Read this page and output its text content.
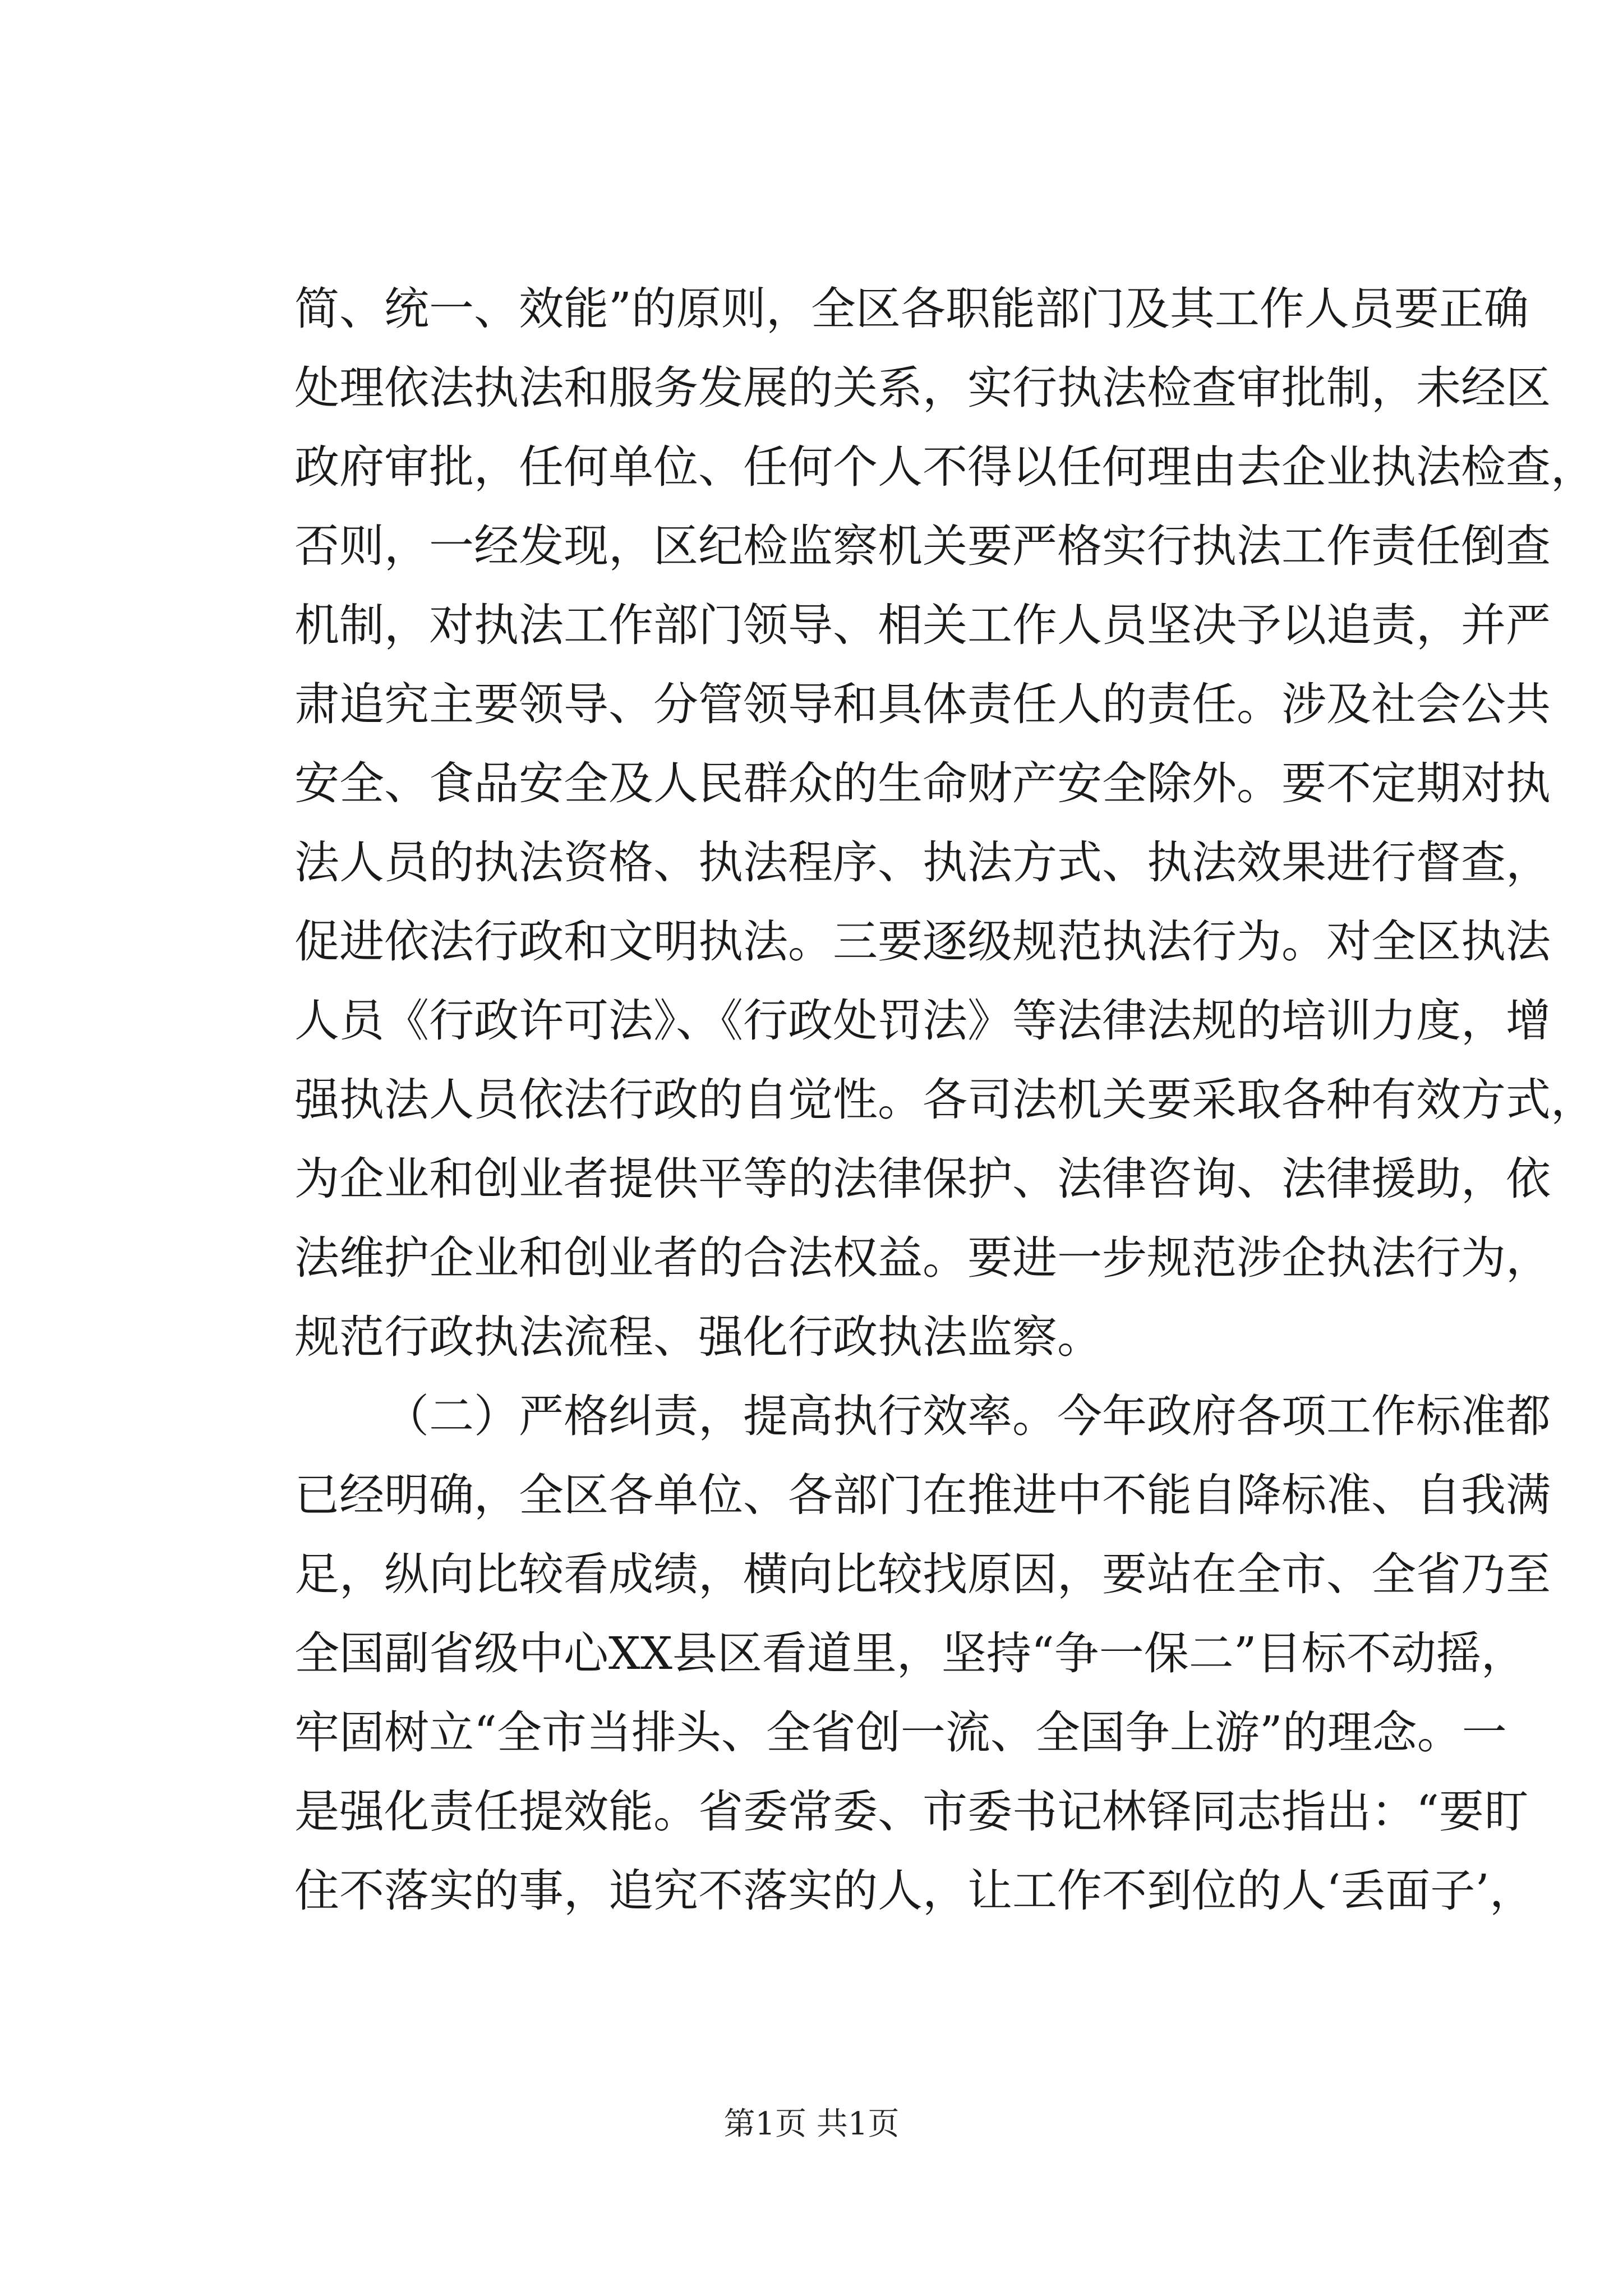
简、统一、效能”的原则，全区各职能部门及其工作人员要正确
处理依法执法和服务发展的关系，实行执法检查审批制，未经区
政府审批，任何单位、任何个人不得以任何理由去企业执法检查，
否则，一经发现，区纪检监察机关要严格实行执法工作责任倒查
机制，对执法工作部门领导、相关工作人员坚决予以追责，并严
肃追究主要领导、分管领导和具体责任人的责任。涉及社会公共
安全、食品安全及人民群众的生命财产安全除外。要不定期对执
法人员的执法资格、执法程序、执法方式、执法效果进行督查，
促进依法行政和文明执法。三要逐级规范执法行为。对全区执法
人员《行政许可法》、《行政处罚法》等法律法规的培训力度，增
强执法人员依法行政的自觉性。各司法机关要采取各种有效方式，
为企业和创业者提供平等的法律保护、法律咨询、法律援助，依
法维护企业和创业者的合法权益。要进一步规范涉企执法行为，
规范行政执法流程、强化行政执法监察。
（二）严格纠责，提高执行效率。今年政府各项工作标准都
已经明确，全区各单位、各部门在推进中不能自降标准、自我满
足，纵向比较看成绩，横向比较找原因，要站在全市、全省乃至
全国副省级中心XX县区看道里，坚持“争一保二”目标不动摇，
牢固树立“全市当排头、全省创一流、全国争上游”的理念。一
是强化责任提效能。省委常委、市委书记林铎同志指出：“要盯
住不落实的事，追究不落实的人，让工作不到位的人‘丢面子’，
第1页 共1页
